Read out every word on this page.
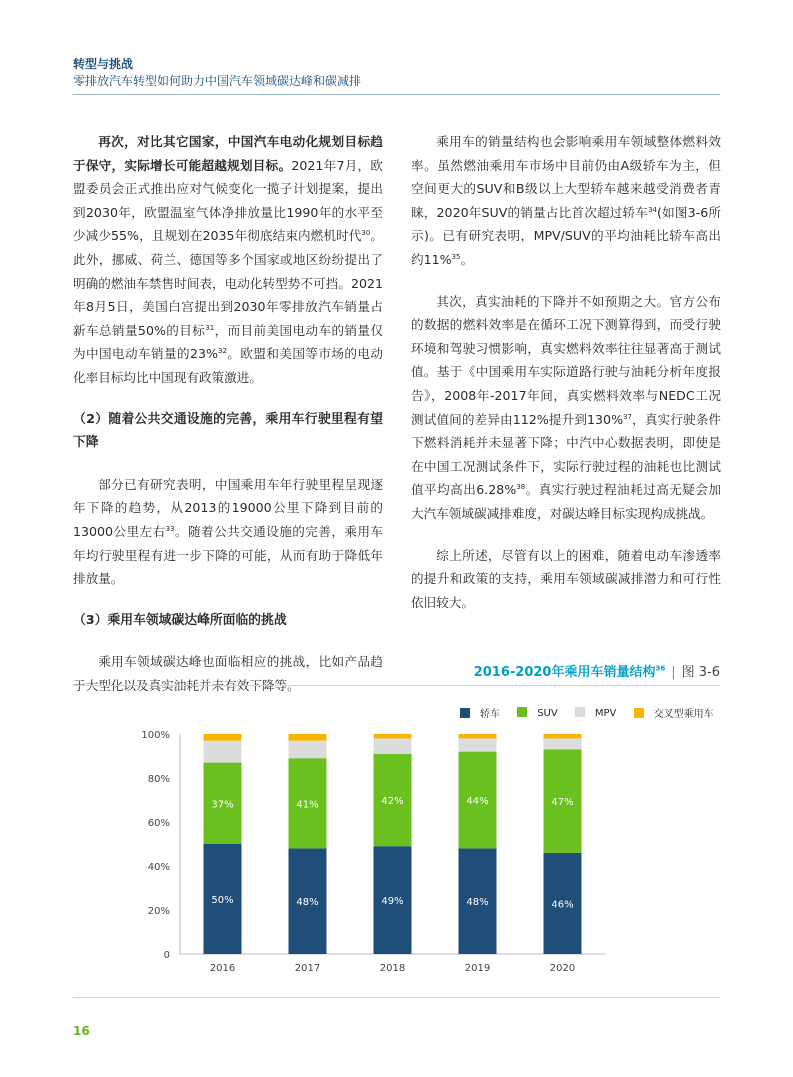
转型与挑战
零排放汽车转型如何助力中国汽车领域碳达峰和碳减排

再次，对比其它国家，中国汽车电动化规划目标趋于保守，实际增长可能超越规划目标。2021年7月，欧盟委员会正式推出应对气候变化一揽子计划提案，提出到2030年，欧盟温室气体净排放量比1990年的水平至少减少55%，且规划在2035年彻底结束内燃机时代$^{30}$。此外，挪威、荷兰、德国等多个国家或地区纷纷提出了明确的燃油车禁售时间表，电动化转型势不可挡。2021年8月5日，美国白宫提出到2030年零排放汽车销量占新车总销量50%的目标$^{31}$，而目前美国电动车的销量仅为中国电动车销量的23%$^{32}$。欧盟和美国等市场的电动化率目标均比中国现有政策激进。

（2）随着公共交通设施的完善，乘用车行驶里程有望下降

部分已有研究表明，中国乘用车年行驶里程呈现逐年下降的趋势，从2013的19000公里下降到目前的13000公里左右$^{33}$。随着公共交通设施的完善，乘用车年均行驶里程有进一步下降的可能，从而有助于降低年排放量。

（3）乘用车领域碳达峰所面临的挑战

乘用车领域碳达峰也面临相应的挑战，比如产品趋于大型化以及真实油耗并未有效下降等。

乘用车的销量结构也会影响乘用车领域整体燃料效率。虽然燃油乘用车市场中目前仍由A级轿车为主，但空间更大的SUV和B级以上大型轿车越来越受消费者青睐，2020年SUV的销量占比首次超过轿车$^{34}$(如图3-6所示)。已有研究表明，MPV/SUV的平均油耗比轿车高出约11%$^{35}$。

其次，真实油耗的下降并不如预期之大。官方公布的数据的燃料效率是在循环工况下测算得到，而受行驶环境和驾驶习惯影响，真实燃料效率往往显著高于测试值。基于《中国乘用车实际道路行驶与油耗分析年度报告》，2008年-2017年间，真实燃料效率与NEDC工况测试值间的差异由112%提升到130%$^{37}$，真实行驶条件下燃料消耗并未显著下降；中汽中心数据表明，即使是在中国工况测试条件下，实际行驶过程的油耗也比测试值平均高出6.28%$^{38}$。真实行驶过程油耗过高无疑会加大汽车领域碳减排难度，对碳达峰目标实现构成挑战。

综上所述，尽管有以上的困难，随着电动车渗透率的提升和政策的支持，乘用车领域碳减排潜力和可行性依旧较大。

2016-2020年乘用车销量结构$^{36}$ | 图 3-6
轿车	SUV	MPV	交叉型乘用车
0
20%
40%
60%
80%
100%
50%
37%
2016
48%
41%
2017
49%
42%
2018
48%
44%
2019
46%
47%
2020
16
